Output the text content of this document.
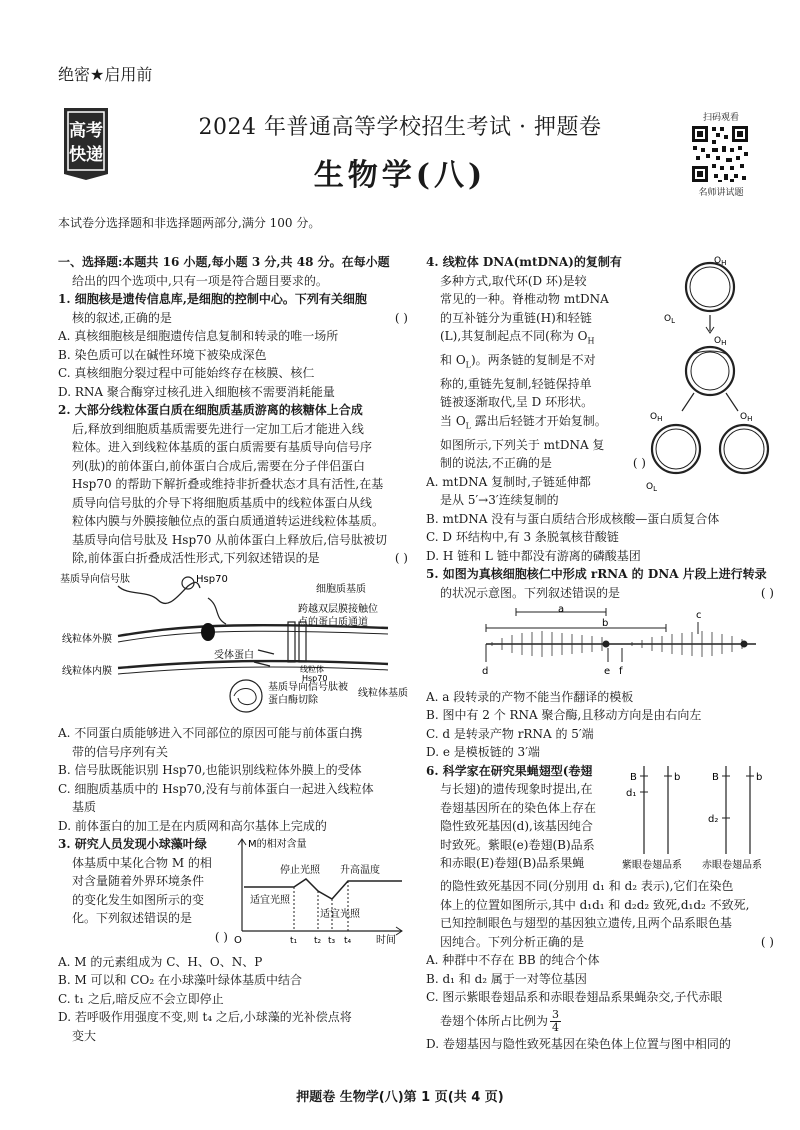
绝密★启用前
高考
快递
2024 年普通高等学校招生考试 · 押题卷
生物学(八)
扫码观看
名师讲试题
本试卷分选择题和非选择题两部分,满分 100 分。
一、选择题:本题共 16 小题,每小题 3 分,共 48 分。在每小题
给出的四个选项中,只有一项是符合题目要求的。
1. 细胞核是遗传信息库,是细胞的控制中心。下列有关细胞
核的叙述,正确的是	( )
A. 真核细胞核是细胞遗传信息复制和转录的唯一场所
B. 染色质可以在碱性环境下被染成深色
C. 真核细胞分裂过程中可能始终存在核膜、核仁
D. RNA 聚合酶穿过核孔进入细胞核不需要消耗能量
2. 大部分线粒体蛋白质在细胞质基质游离的核糖体上合成
后,释放到细胞质基质需要先进行一定加工后才能进入线
粒体。进入到线粒体基质的蛋白质需要有基质导向信号序
列(肽)的前体蛋白,前体蛋白合成后,需要在分子伴侣蛋白
Hsp70 的帮助下解折叠或维持非折叠状态才具有活性,在基
质导向信号肽的介导下将细胞质基质中的线粒体蛋白从线
粒体内膜与外膜接触位点的蛋白质通道转运进线粒体基质。
基质导向信号肽及 Hsp70 从前体蛋白上释放后,信号肽被切
除,前体蛋白折叠成活性形式,下列叙述错误的是	( )
基质导向信号肽	Hsp70
细胞质基质
跨越双层膜接触位
点的蛋白质通道
线粒体外膜
受体蛋白
线粒体内膜	线粒体
Hsp70
基质导向信号肽被
蛋白酶切除
线粒体基质
A. 不同蛋白质能够进入不同部位的原因可能与前体蛋白携
带的信号序列有关
B. 信号肽既能识别 Hsp70,也能识别线粒体外膜上的受体
C. 细胞质基质中的 Hsp70,没有与前体蛋白一起进入线粒体
基质
D. 前体蛋白的加工是在内质网和高尔基体上完成的
3. 研究人员发现小球藻叶绿
体基质中某化合物 M 的相
对含量随着外界环境条件
的变化发生如图所示的变
化。下列叙述错误的是
( )
M的相对含量
O
停止光照 升高温度
适宜光照
适宜光照
t₁ t₂ t₃ t₄ 时间
A. M 的元素组成为 C、H、O、N、P
B. M 可以和 CO₂ 在小球藻叶绿体基质中结合
C. t₁ 之后,暗反应不会立即停止
D. 若呼吸作用强度不变,则 t₄ 之后,小球藻的光补偿点将
变大
4. 线粒体 DNA(mtDNA)的复制有
多种方式,取代环(D 环)是较
常见的一种。脊椎动物 mtDNA
的互补链分为重链(H)和轻链
(L),其复制起点不同(称为 $O_H$
和 $O_L$)。两条链的复制是不对
称的,重链先复制,轻链保持单
链被逐渐取代,呈 D 环形状。
当 $O_L$ 露出后轻链才开始复制。
如图所示,下列关于 mtDNA 复
制的说法,不正确的是	( )
A. mtDNA 复制时,子链延伸都
是从 5′→3′连续复制的
$O_H$
$O_L$
$O_H$
$O_H$	$O_H$
$O_L$
B. mtDNA 没有与蛋白质结合形成核酸—蛋白质复合体
C. D 环结构中,有 3 条脱氧核苷酸链
D. H 链和 L 链中都没有游离的磷酸基团
5. 如图为真核细胞核仁中形成 rRNA 的 DNA 片段上进行转录
的状况示意图。下列叙述错误的是	( )
a
b
c
d	e f
A. a 段转录的产物不能当作翻译的模板
B. 图中有 2 个 RNA 聚合酶,且移动方向是由右向左
C. d 是转录产物 rRNA 的 5′端
D. e 是模板链的 3′端
6. 科学家在研究果蝇翅型(卷翅
与长翅)的遗传现象时提出,在
卷翅基因所在的染色体上存在
隐性致死基因(d),该基因纯合
时致死。紫眼(e)卷翅(B)品系
和赤眼(E)卷翅(B)品系果蝇
B	b
d₁
B	b
d₂
紫眼卷翅品系 赤眼卷翅品系
的隐性致死基因不同(分别用 d₁ 和 d₂ 表示),它们在染色
体上的位置如图所示,其中 d₁d₁ 和 d₂d₂ 致死,d₁d₂ 不致死,
已知控制眼色与翅型的基因独立遗传,且两个品系眼色基
因纯合。下列分析正确的是	( )
A. 种群中不存在 BB 的纯合个体
B. d₁ 和 d₂ 属于一对等位基因
C. 图示紫眼卷翅品系和赤眼卷翅品系果蝇杂交,子代赤眼
卷翅个体所占比例为 $\frac{3}{4}$
D. 卷翅基因与隐性致死基因在染色体上位置与图中相同的
押题卷 生物学(八)第 1 页(共 4 页)
